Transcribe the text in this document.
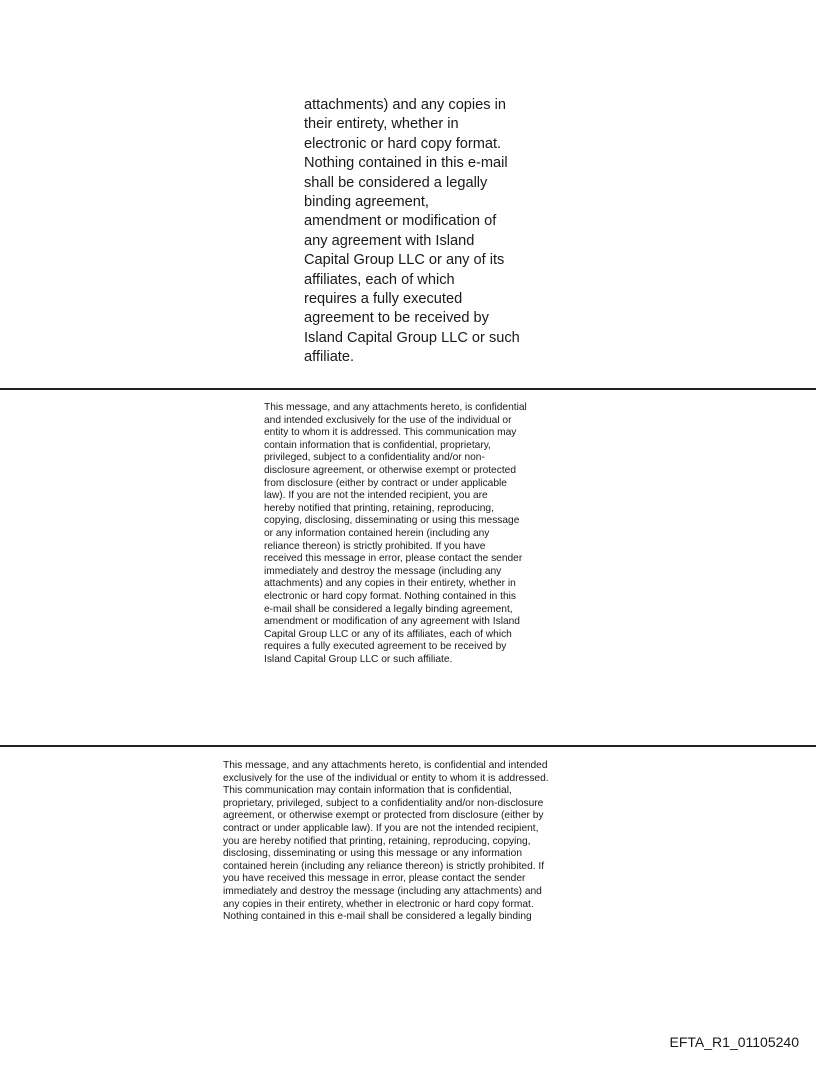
attachments) and any copies in
their entirety, whether in
electronic or hard copy format.
Nothing contained in this e-mail
shall be considered a legally
binding agreement,
amendment or modification of
any agreement with Island
Capital Group LLC or any of its
affiliates, each of which
requires a fully executed
agreement to be received by
Island Capital Group LLC or such
affiliate.
This message, and any attachments hereto, is confidential
and intended exclusively for the use of the individual or
entity to whom it is addressed. This communication may
contain information that is confidential, proprietary,
privileged, subject to a confidentiality and/or non-
disclosure agreement, or otherwise exempt or protected
from disclosure (either by contract or under applicable
law). If you are not the intended recipient, you are
hereby notified that printing, retaining, reproducing,
copying, disclosing, disseminating or using this message
or any information contained herein (including any
reliance thereon) is strictly prohibited. If you have
received this message in error, please contact the sender
immediately and destroy the message (including any
attachments) and any copies in their entirety, whether in
electronic or hard copy format. Nothing contained in this
e-mail shall be considered a legally binding agreement,
amendment or modification of any agreement with Island
Capital Group LLC or any of its affiliates, each of which
requires a fully executed agreement to be received by
Island Capital Group LLC or such affiliate.
This message, and any attachments hereto, is confidential and intended
exclusively for the use of the individual or entity to whom it is addressed.
This communication may contain information that is confidential,
proprietary, privileged, subject to a confidentiality and/or non-disclosure
agreement, or otherwise exempt or protected from disclosure (either by
contract or under applicable law). If you are not the intended recipient,
you are hereby notified that printing, retaining, reproducing, copying,
disclosing, disseminating or using this message or any information
contained herein (including any reliance thereon) is strictly prohibited. If
you have received this message in error, please contact the sender
immediately and destroy the message (including any attachments) and
any copies in their entirety, whether in electronic or hard copy format.
Nothing contained in this e-mail shall be considered a legally binding
EFTA_R1_01105240
